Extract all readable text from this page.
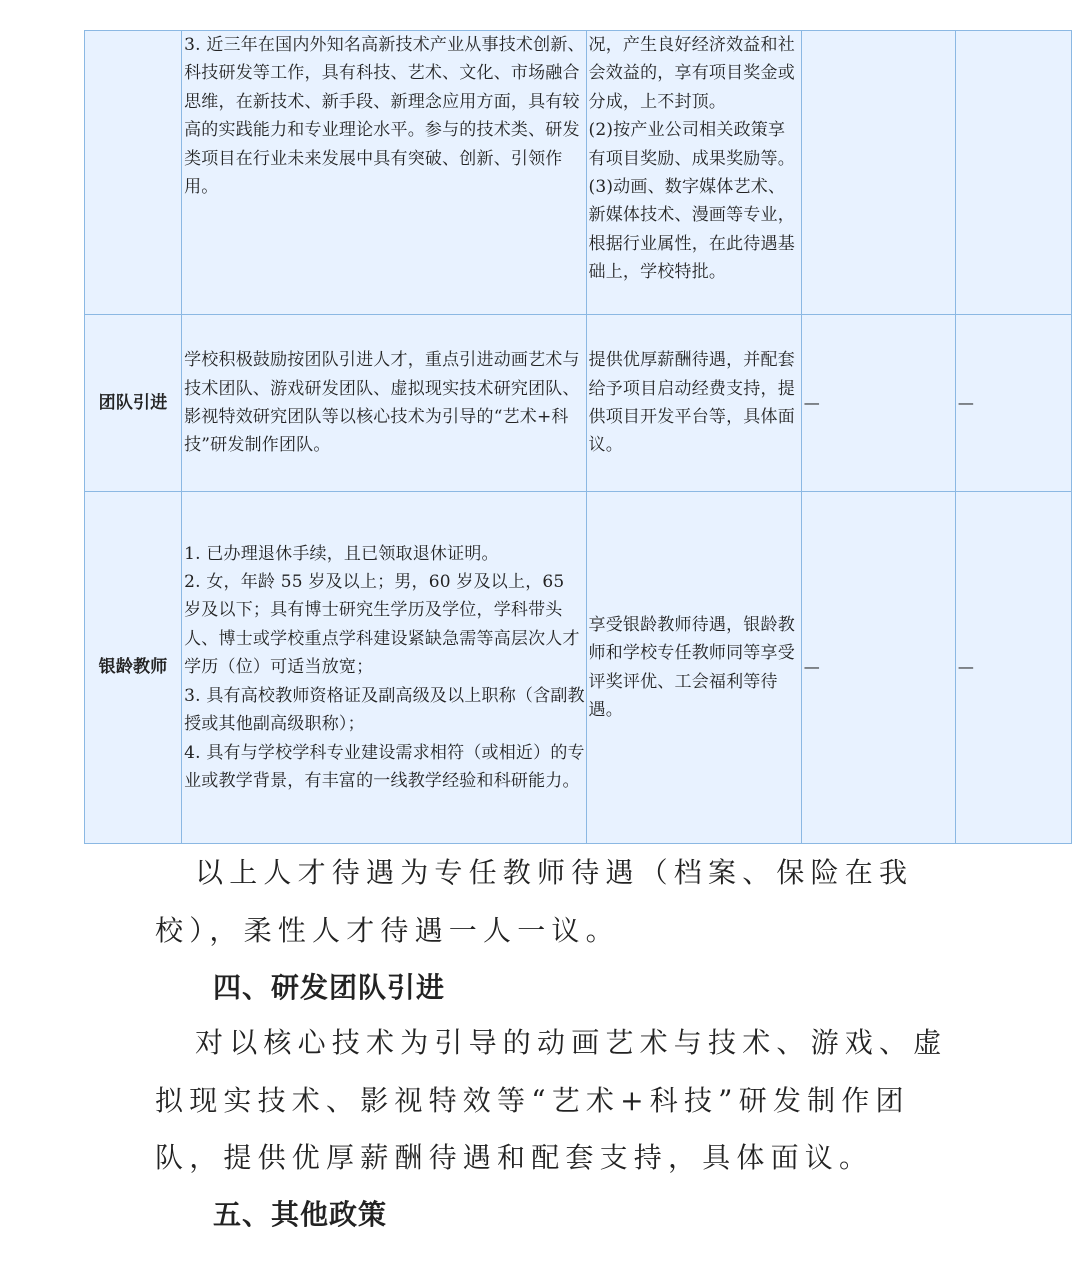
	3. 近三年在国内外知名高新技术产业从事技术创新、科技研发等工作，具有科技、艺术、文化、市场融合思维，在新技术、新手段、新理念应用方面，具有较高的实践能力和专业理论水平。参与的技术类、研发类项目在行业未来发展中具有突破、创新、引领作用。	况，产生良好经济效益和社会效益的，享有项目奖金或分成，上不封顶。
(2)按产业公司相关政策享有项目奖励、成果奖励等。
(3)动画、数字媒体艺术、新媒体技术、漫画等专业，根据行业属性，在此待遇基础上，学校特批。		

团队引进	学校积极鼓励按团队引进人才，重点引进动画艺术与技术团队、游戏研发团队、虚拟现实技术研究团队、影视特效研究团队等以核心技术为引导的“艺术+科技”研发制作团队。	提供优厚薪酬待遇，并配套给予项目启动经费支持，提供项目开发平台等，具体面议。	—	—
银龄教师	1. 已办理退休手续，且已领取退休证明。
2. 女，年龄 55 岁及以上；男，60 岁及以上，65 岁及以下；具有博士研究生学历及学位，学科带头人、博士或学校重点学科建设紧缺急需等高层次人才学历（位）可适当放宽；
3. 具有高校教师资格证及副高级及以上职称（含副教授或其他副高级职称）；
4. 具有与学校学科专业建设需求相符（或相近）的专业或教学背景，有丰富的一线教学经验和科研能力。	享受银龄教师待遇，银龄教师和学校专任教师同等享受评奖评优、工会福利等待遇。	—	—

以上人才待遇为专任教师待遇（档案、保险在我校），柔性人才待遇一人一议。

四、研发团队引进

对以核心技术为引导的动画艺术与技术、游戏、虚拟现实技术、影视特效等“艺术+科技”研发制作团队，提供优厚薪酬待遇和配套支持，具体面议。

五、其他政策
